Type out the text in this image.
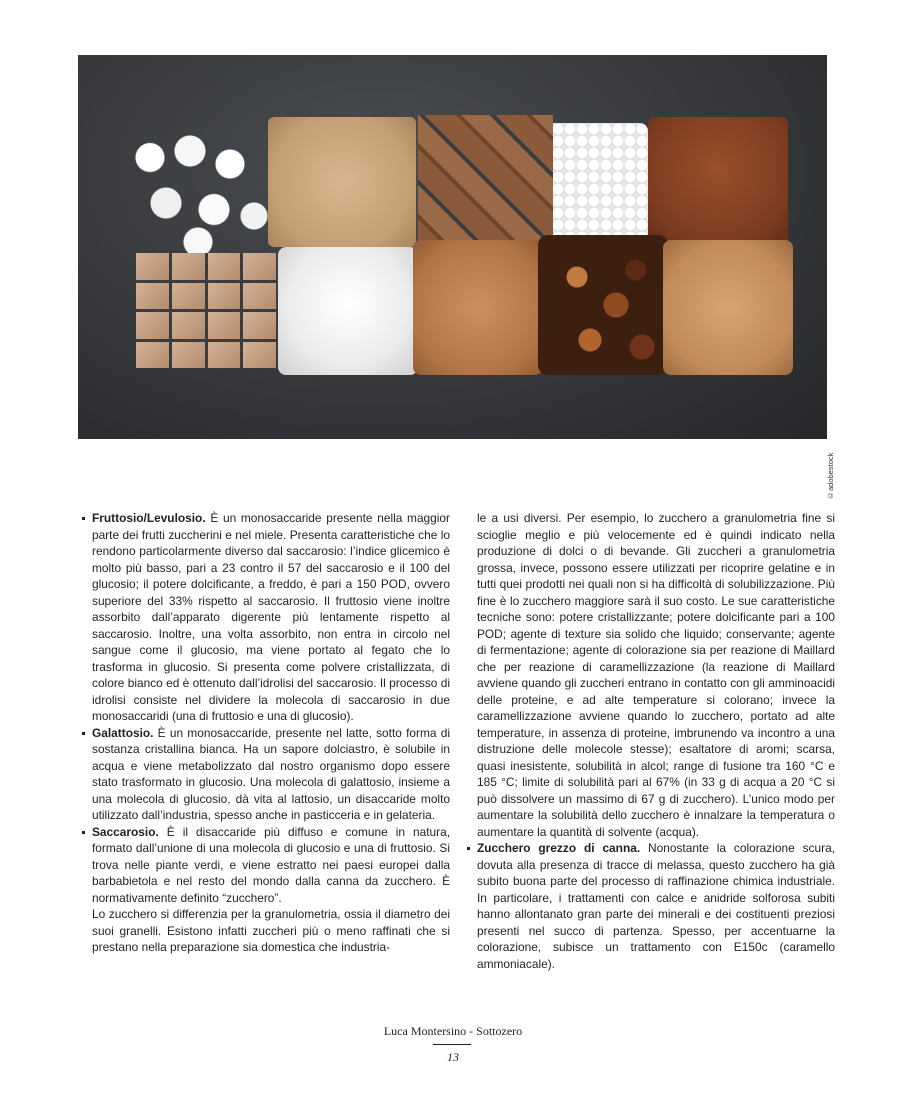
©adobestock

Fruttosio/Levulosio. È un monosaccaride presente nella maggior parte dei frutti zuccherini e nel miele. Presenta caratteristiche che lo rendono particolarmente diverso dal saccarosio: l’indice glicemico è molto più basso, pari a 23 contro il 57 del saccarosio e il 100 del glucosio; il potere dolcificante, a freddo, è pari a 150 POD, ovvero superiore del 33% rispetto al saccarosio. Il fruttosio viene inoltre assorbito dall’apparato digerente più lentamente rispetto al saccarosio. Inoltre, una volta assorbito, non entra in circolo nel sangue come il glucosio, ma viene portato al fegato che lo trasforma in glucosio. Si presenta come polvere cristallizzata, di colore bianco ed è ottenuto dall’idrolisi del saccarosio. Il processo di idrolisi consiste nel dividere la molecola di saccarosio in due monosaccaridi (una di fruttosio e una di glucosio).

Galattosio. È un monosaccaride, presente nel latte, sotto forma di sostanza cristallina bianca. Ha un sapore dolciastro, è solubile in acqua e viene metabolizzato dal nostro organismo dopo essere stato trasformato in glucosio. Una molecola di galattosio, insieme a una molecola di glucosio, dà vita al lattosio, un disaccaride molto utilizzato dall’industria, spesso anche in pasticceria e in gelateria.

Saccarosio. È il disaccaride più diffuso e comune in natura, formato dall’unione di una molecola di glucosio e una di fruttosio. Si trova nelle piante verdi, e viene estratto nei paesi europei dalla barbabietola e nel resto del mondo dalla canna da zucchero. È normativamente definito “zucchero”.

Lo zucchero si differenzia per la granulometria, ossia il diametro dei suoi granelli. Esistono infatti zuccheri più o meno raffinati che si prestano nella preparazione sia domestica che industria-

le a usi diversi. Per esempio, lo zucchero a granulometria fine si scioglie meglio e più velocemente ed è quindi indicato nella produzione di dolci o di bevande. Gli zuccheri a granulometria grossa, invece, possono essere utilizzati per ricoprire gelatine e in tutti quei prodotti nei quali non si ha difficoltà di solubilizzazione. Più fine è lo zucchero maggiore sarà il suo costo. Le sue caratteristiche tecniche sono: potere cristallizzante; potere dolcificante pari a 100 POD; agente di texture sia solido che liquido; conservante; agente di fermentazione; agente di colorazione sia per reazione di Maillard che per reazione di caramellizzazione (la reazione di Maillard avviene quando gli zuccheri entrano in contatto con gli amminoacidi delle proteine, e ad alte temperature si colorano; invece la caramellizzazione avviene quando lo zucchero, portato ad alte temperature, in assenza di proteine, imbrunendo va incontro a una distruzione delle molecole stesse); esaltatore di aromi; scarsa, quasi inesistente, solubilità in alcol; range di fusione tra 160 °C e 185 °C; limite di solubilità pari al 67% (in 33 g di acqua a 20 °C si può dissolvere un massimo di 67 g di zucchero). L’unico modo per aumentare la solubilità dello zucchero è innalzare la temperatura o aumentare la quantità di solvente (acqua).

Zucchero grezzo di canna. Nonostante la colorazione scura, dovuta alla presenza di tracce di melassa, questo zucchero ha già subito buona parte del processo di raffinazione chimica industriale. In particolare, i trattamenti con calce e anidride solforosa subiti hanno allontanato gran parte dei minerali e dei costituenti preziosi presenti nel succo di partenza. Spesso, per accentuarne la colorazione, subisce un trattamento con E150c (caramello ammoniacale).

Luca Montersino - Sottozero
13
